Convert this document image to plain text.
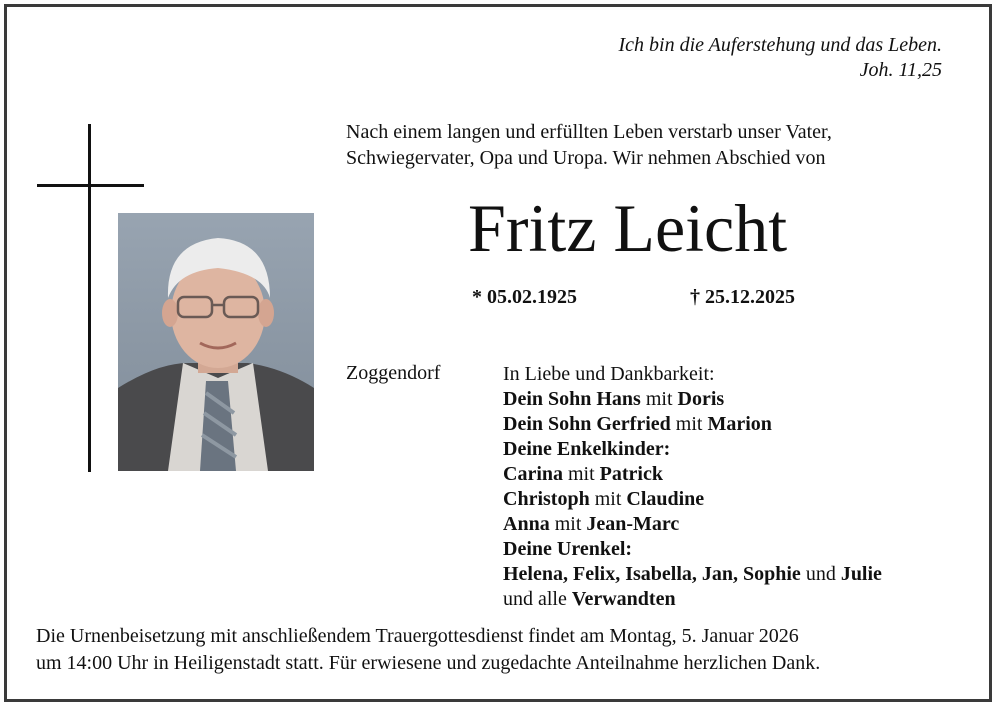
Ich bin die Auferstehung und das Leben.
Joh. 11,25
Nach einem langen und erfüllten Leben verstarb unser Vater,
Schwiegervater, Opa und Uropa. Wir nehmen Abschied von
Fritz Leicht
* 05.02.1925	† 25.12.2025
Zoggendorf	In Liebe und Dankbarkeit:
Dein Sohn Hans mit Doris
Dein Sohn Gerfried mit Marion
Deine Enkelkinder:
Carina mit Patrick
Christoph mit Claudine
Anna mit Jean-Marc
Deine Urenkel:
Helena, Felix, Isabella, Jan, Sophie und Julie
und alle Verwandten
Die Urnenbeisetzung mit anschließendem Trauergottesdienst findet am Montag, 5. Januar 2026
um 14:00 Uhr in Heiligenstadt statt. Für erwiesene und zugedachte Anteilnahme herzlichen Dank.
